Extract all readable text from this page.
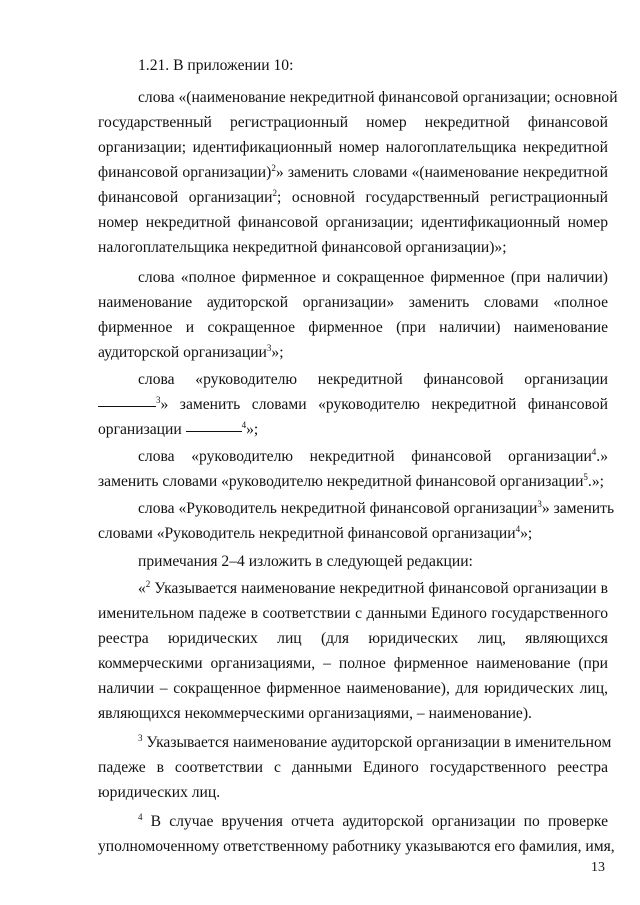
1.21. В приложении 10:
слова «(наименование некредитной финансовой организации; основной
государственный регистрационный номер некредитной финансовой
организации; идентификационный номер налогоплательщика некредитной
финансовой организации)$^2$» заменить словами «(наименование некредитной
финансовой организации$^2$; основной государственный регистрационный
номер некредитной финансовой организации; идентификационный номер
налогоплательщика некредитной финансовой организации)»;
слова «полное фирменное и сокращенное фирменное (при наличии)
наименование аудиторской организации» заменить словами «полное
фирменное и сокращенное фирменное (при наличии) наименование
аудиторской организации$^3$»;
слова «руководителю некредитной финансовой организации
$^3$» заменить словами «руководителю некредитной финансовой
организации	$^4$»;
слова «руководителю некредитной финансовой организации$^4$.»
заменить словами «руководителю некредитной финансовой организации$^5$.»;
слова «Руководитель некредитной финансовой организации$^3$» заменить
словами «Руководитель некредитной финансовой организации$^4$»;
примечания 2–4 изложить в следующей редакции:
«$^2$ Указывается наименование некредитной финансовой организации в
именительном падеже в соответствии с данными Единого государственного
реестра юридических лиц (для юридических лиц, являющихся
коммерческими организациями, – полное фирменное наименование (при
наличии – сокращенное фирменное наименование), для юридических лиц,
являющихся некоммерческими организациями, – наименование).
$^3$ Указывается наименование аудиторской организации в именительном
падеже в соответствии с данными Единого государственного реестра
юридических лиц.
$^4$ В случае вручения отчета аудиторской организации по проверке
уполномоченному ответственному работнику указываются его фамилия, имя,
13
